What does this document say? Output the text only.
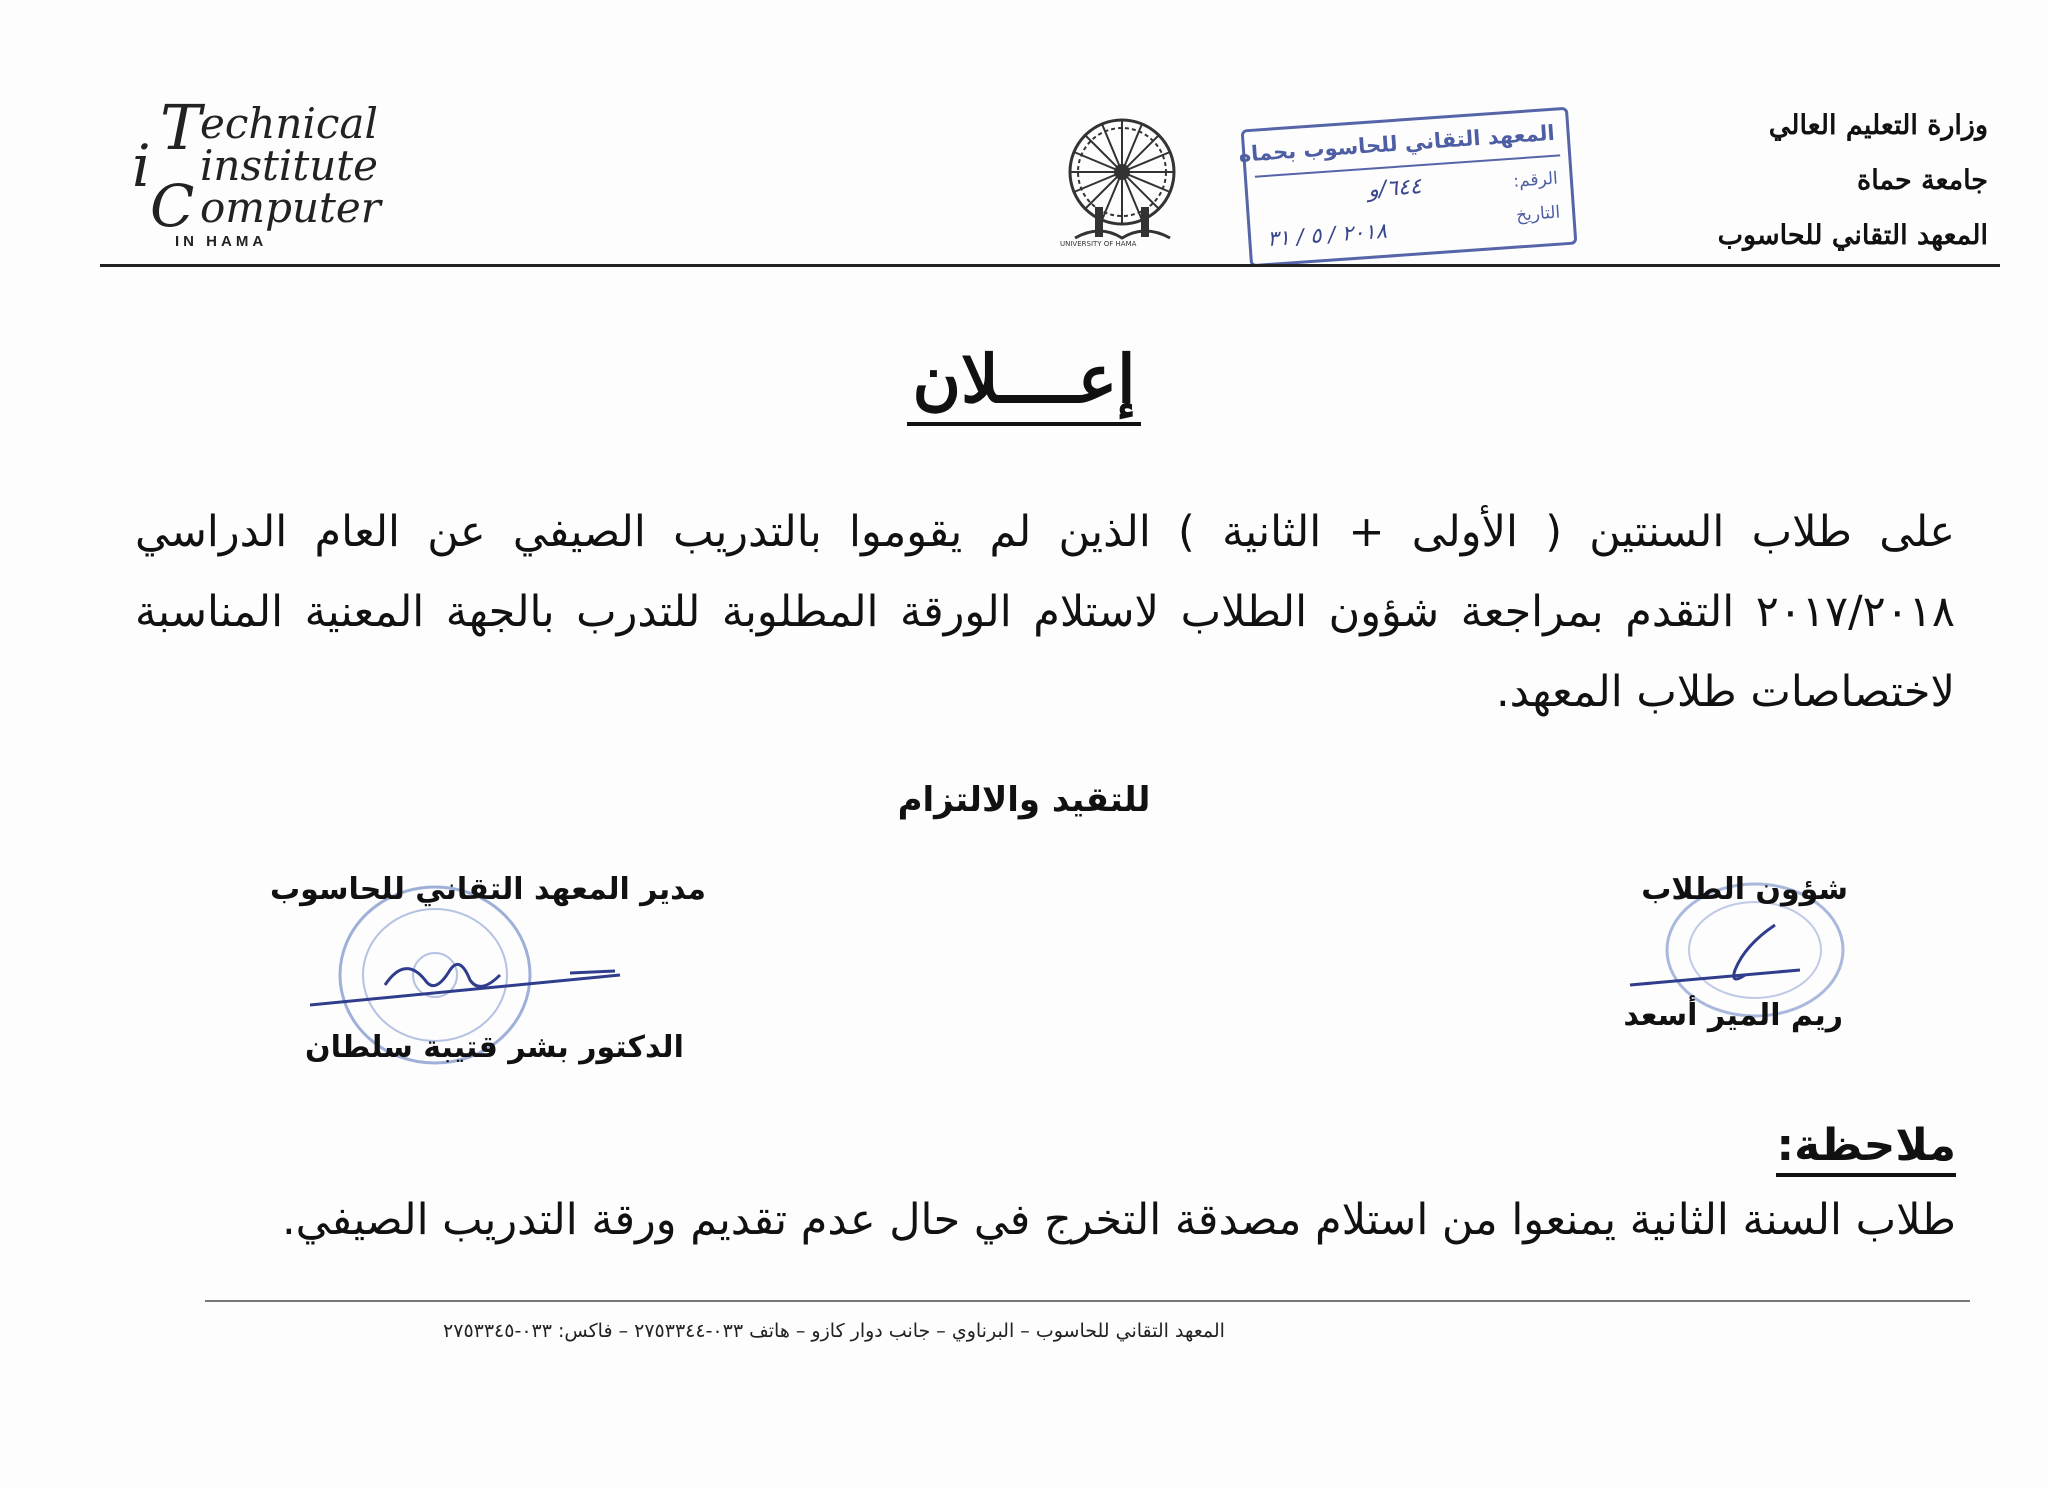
T
echnical
i institute
C omputer
IN HAMA	UNIVERSITY OF HAMA
المعهد التقاني للحاسوب بحماه
الرقم:
٦٤٤/و
التاريخ
٢٠١٨ / ٥ / ٣١
وزارة التعليم العالي
جامعة حماة
المعهد التقاني للحاسوب
إعــــلان
على طلاب السنتين ( الأولى + الثانية ) الذين لم يقوموا بالتدريب الصيفي عن العام الدراسي ٢٠١٧/٢٠١٨ التقدم بمراجعة شؤون الطلاب لاستلام الورقة المطلوبة للتدرب بالجهة المعنية المناسبة لاختصاصات طلاب المعهد.
للتقيد والالتزام
شؤون الطلاب
ريم المير أسعد
مدير المعهد التقاني للحاسوب
الدكتور بشر قتيبة سلطان
ملاحظة:
طلاب السنة الثانية يمنعوا من استلام مصدقة التخرج في حال عدم تقديم ورقة التدريب الصيفي.
المعهد التقاني للحاسوب – البرناوي – جانب دوار كازو – هاتف ٠٣٣-٢٧٥٣٣٤٤ – فاكس: ٠٣٣-٢٧٥٣٣٤٥
